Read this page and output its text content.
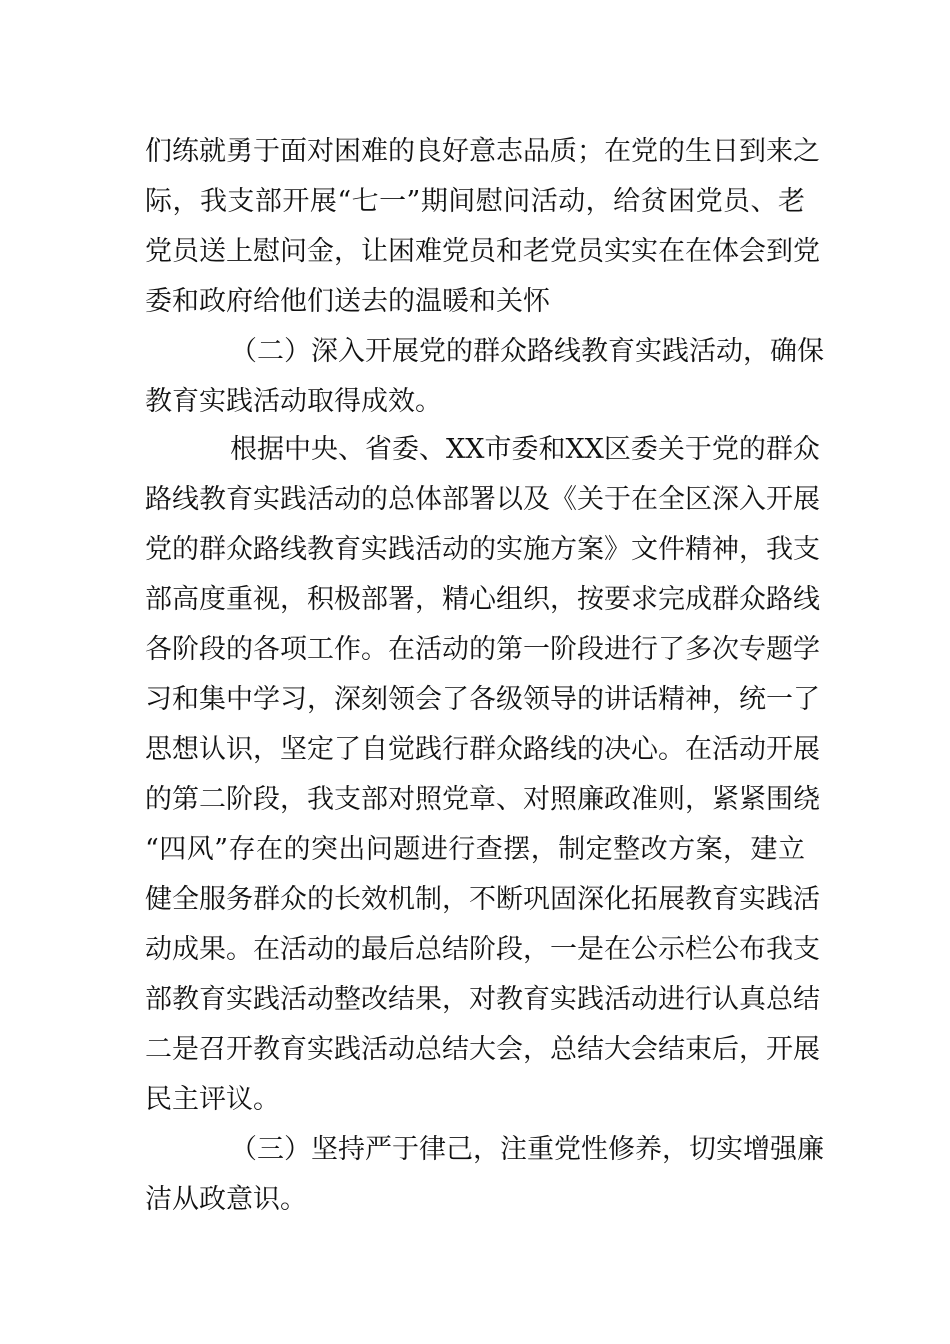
们练就勇于面对困难的良好意志品质；在党的生日到来之
际，我支部开展“七一”期间慰问活动，给贫困党员、老
党员送上慰问金，让困难党员和老党员实实在在体会到党
委和政府给他们送去的温暖和关怀
（二）深入开展党的群众路线教育实践活动，确保
教育实践活动取得成效。
根据中央、省委、XX市委和XX区委关于党的群众
路线教育实践活动的总体部署以及《关于在全区深入开展
党的群众路线教育实践活动的实施方案》文件精神，我支
部高度重视，积极部署，精心组织，按要求完成群众路线
各阶段的各项工作。在活动的第一阶段进行了多次专题学
习和集中学习，深刻领会了各级领导的讲话精神，统一了
思想认识，坚定了自觉践行群众路线的决心。在活动开展
的第二阶段，我支部对照党章、对照廉政准则，紧紧围绕
“四风”存在的突出问题进行查摆，制定整改方案，建立
健全服务群众的长效机制，不断巩固深化拓展教育实践活
动成果。在活动的最后总结阶段，一是在公示栏公布我支
部教育实践活动整改结果，对教育实践活动进行认真总结
二是召开教育实践活动总结大会，总结大会结束后，开展
民主评议。
（三）坚持严于律己，注重党性修养，切实增强廉
洁从政意识。
